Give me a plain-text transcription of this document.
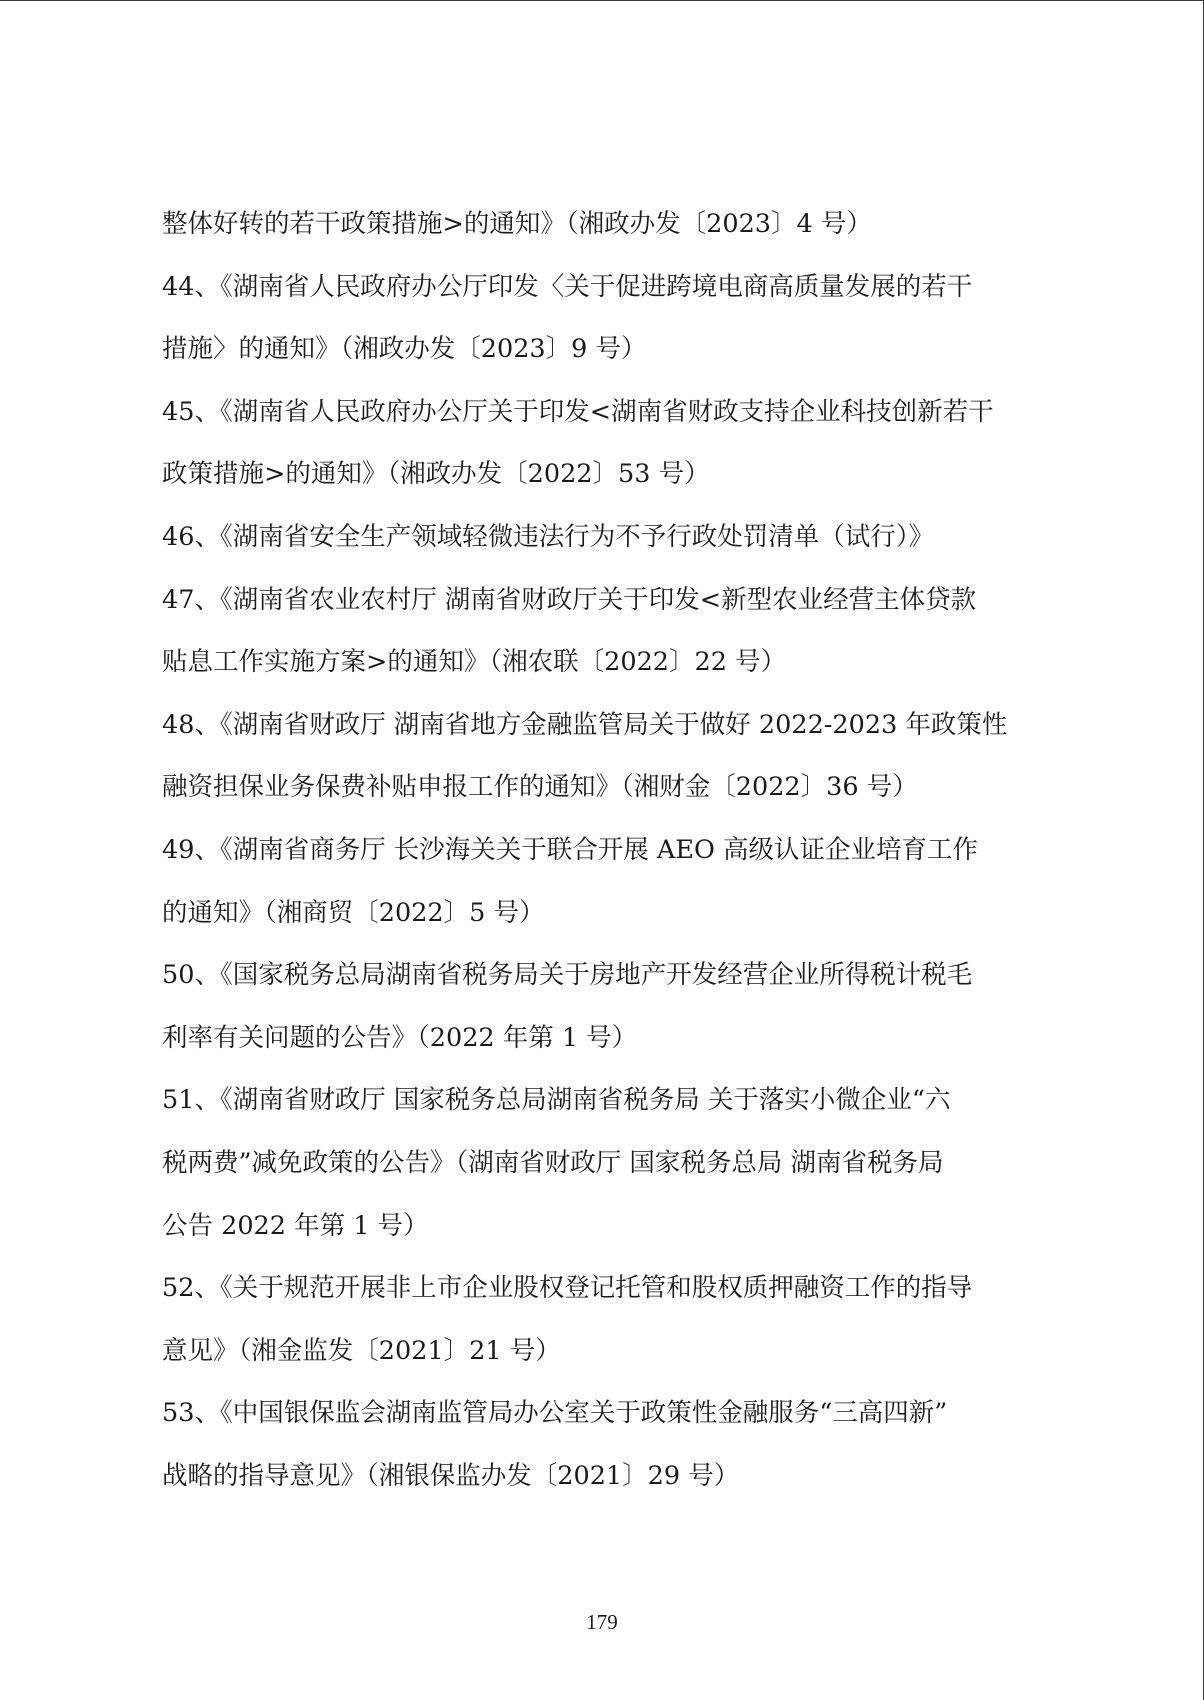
整体好转的若干政策措施>的通知》（湘政办发〔2023〕4 号）
44、《湖南省人民政府办公厅印发〈关于促进跨境电商高质量发展的若干
措施〉的通知》（湘政办发〔2023〕9 号）
45、《湖南省人民政府办公厅关于印发<湖南省财政支持企业科技创新若干
政策措施>的通知》（湘政办发〔2022〕53 号）
46、《湖南省安全生产领域轻微违法行为不予行政处罚清单（试行）》
47、《湖南省农业农村厅 湖南省财政厅关于印发<新型农业经营主体贷款
贴息工作实施方案>的通知》（湘农联〔2022〕22 号）
48、《湖南省财政厅 湖南省地方金融监管局关于做好 2022-2023 年政策性
融资担保业务保费补贴申报工作的通知》（湘财金〔2022〕36 号）
49、《湖南省商务厅 长沙海关关于联合开展 AEO 高级认证企业培育工作
的通知》（湘商贸〔2022〕5 号）
50、《国家税务总局湖南省税务局关于房地产开发经营企业所得税计税毛
利率有关问题的公告》（2022 年第 1 号）
51、《湖南省财政厅 国家税务总局湖南省税务局 关于落实小微企业“六
税两费”减免政策的公告》（湖南省财政厅 国家税务总局 湖南省税务局
公告 2022 年第 1 号）
52、《关于规范开展非上市企业股权登记托管和股权质押融资工作的指导
意见》（湘金监发〔2021〕21 号）
53、《中国银保监会湖南监管局办公室关于政策性金融服务“三高四新”
战略的指导意见》（湘银保监办发〔2021〕29 号）
179
